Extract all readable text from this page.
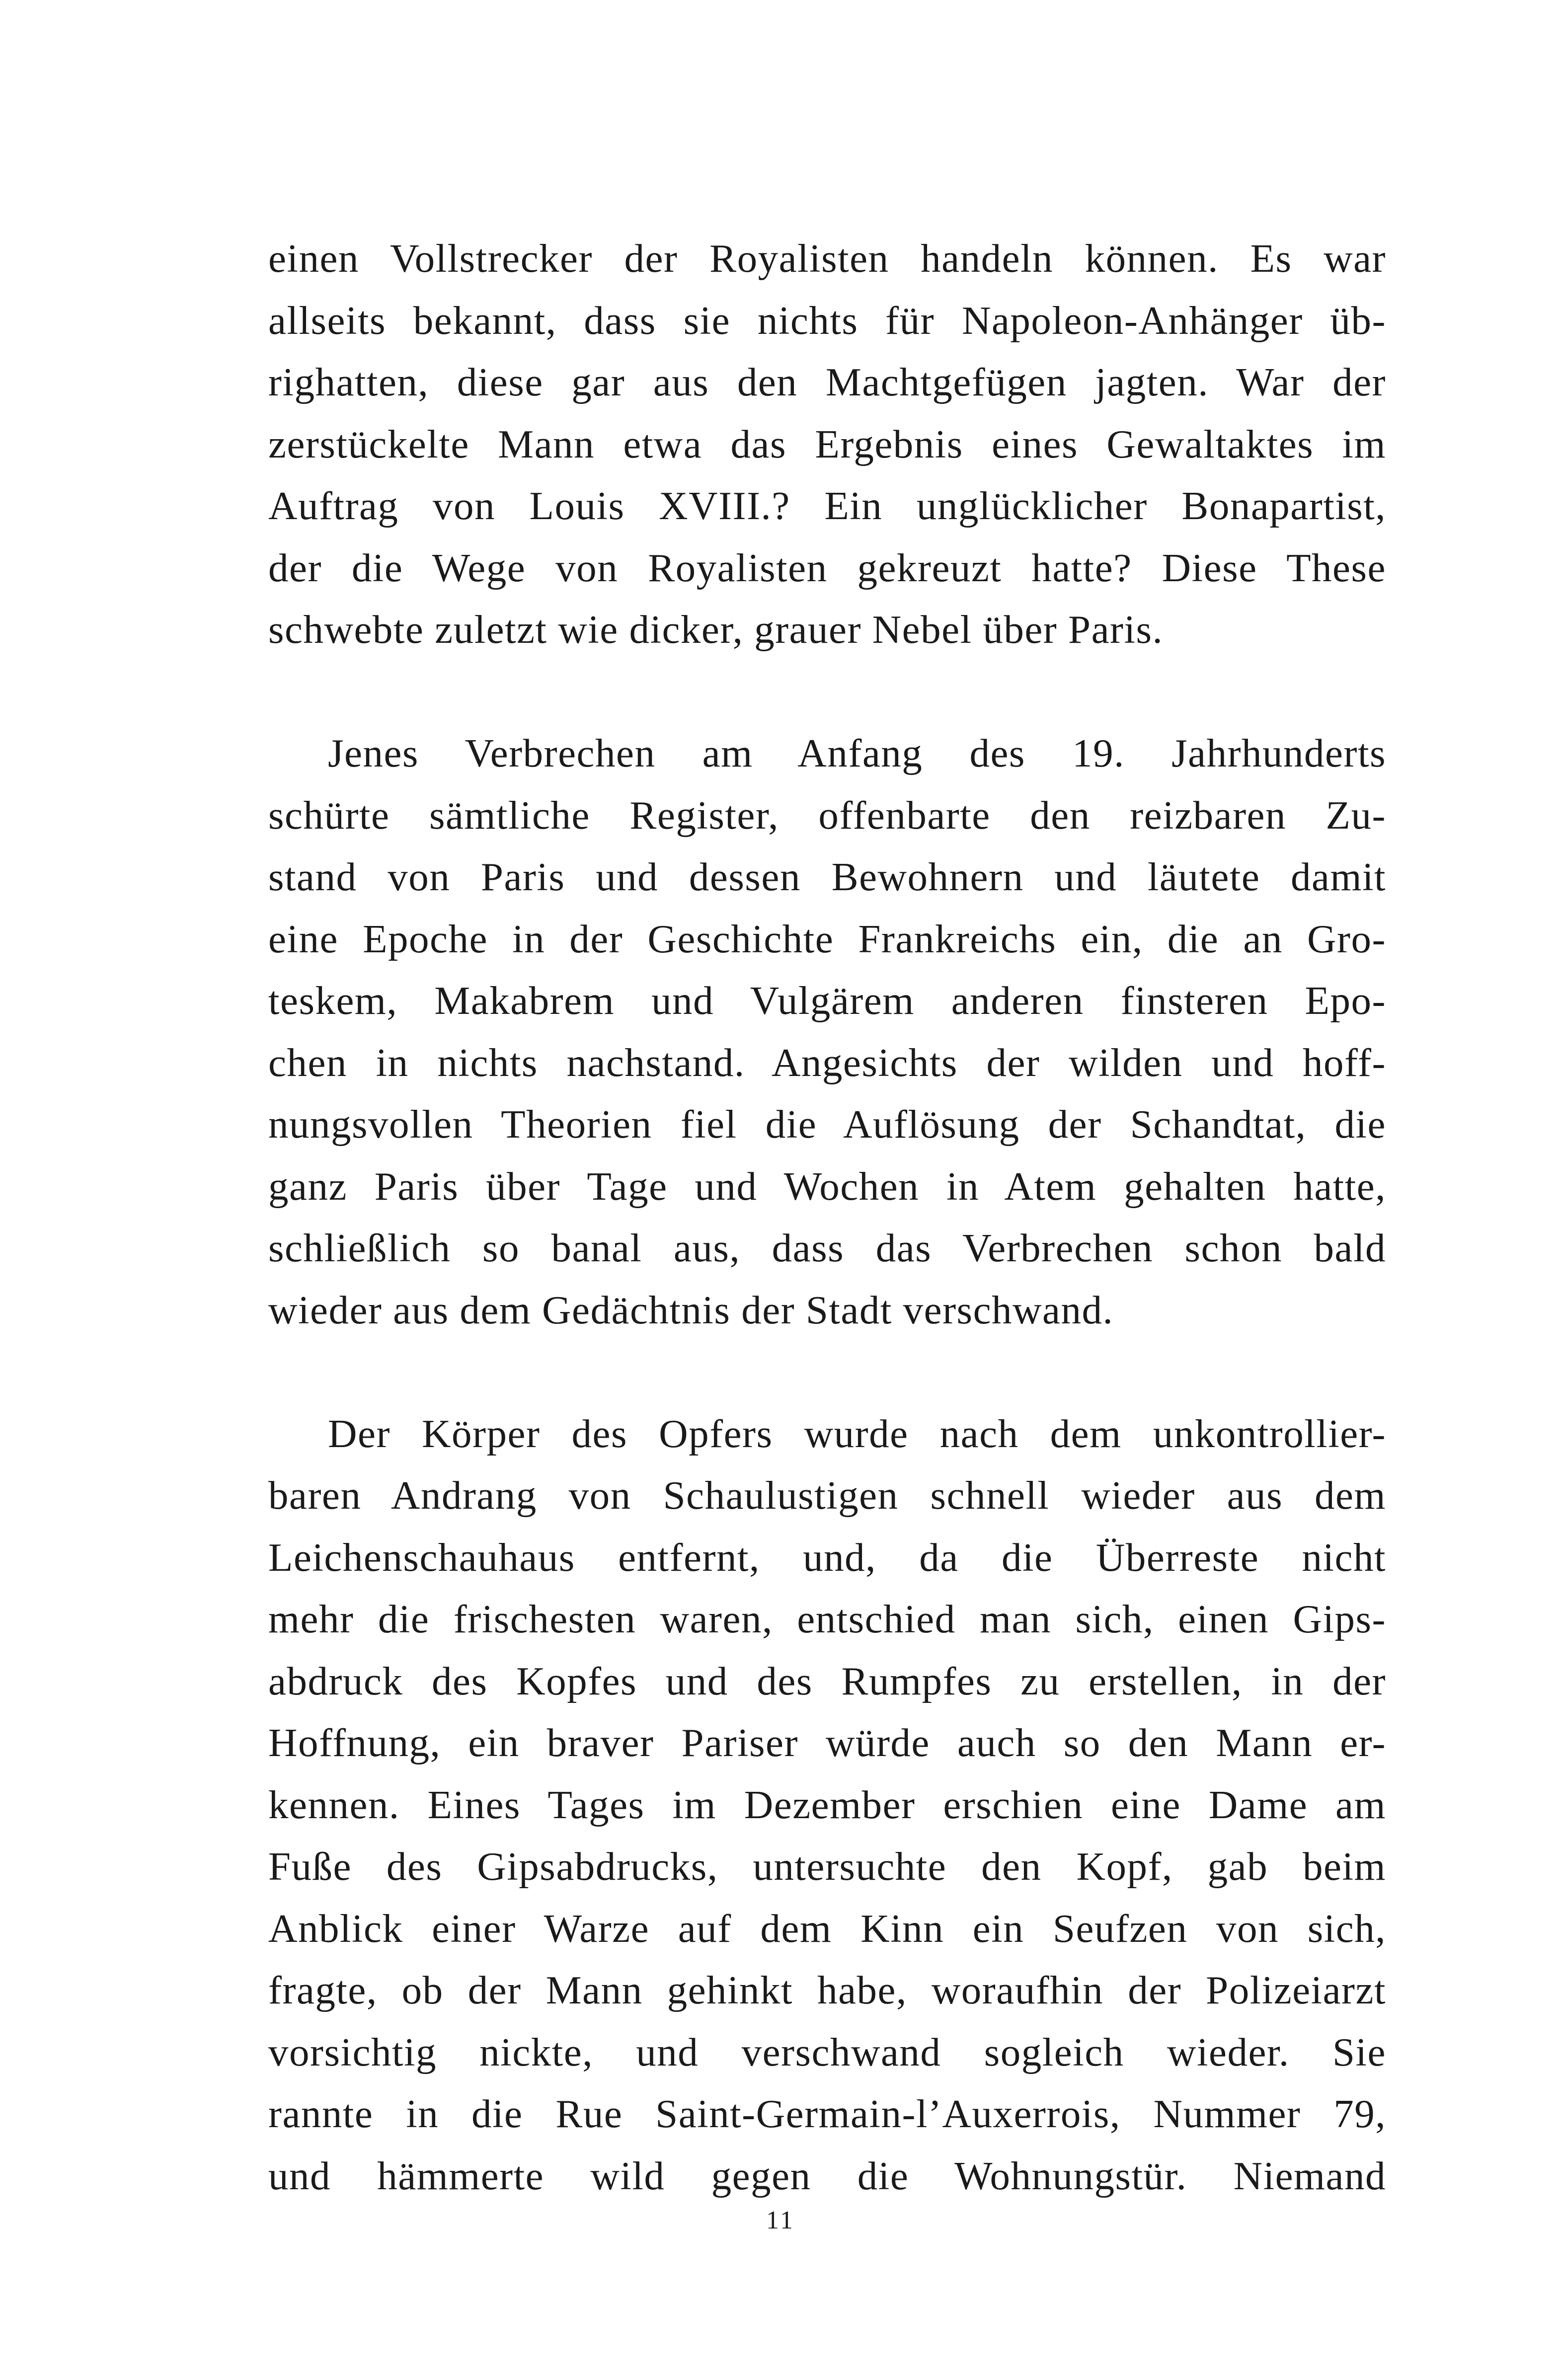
einen Vollstrecker der Royalisten handeln können. Es war
allseits bekannt, dass sie nichts für Napoleon-Anhänger üb-
righatten, diese gar aus den Machtgefügen jagten. War der
zerstückelte Mann etwa das Ergebnis eines Gewaltaktes im
Auftrag von Louis XVIII.? Ein unglücklicher Bonapartist,
der die Wege von Royalisten gekreuzt hatte? Diese These
schwebte zuletzt wie dicker, grauer Nebel über Paris.
Jenes Verbrechen am Anfang des 19. Jahrhunderts
schürte sämtliche Register, offenbarte den reizbaren Zu-
stand von Paris und dessen Bewohnern und läutete damit
eine Epoche in der Geschichte Frankreichs ein, die an Gro-
teskem, Makabrem und Vulgärem anderen finsteren Epo-
chen in nichts nachstand. Angesichts der wilden und hoff-
nungsvollen Theorien fiel die Auflösung der Schandtat, die
ganz Paris über Tage und Wochen in Atem gehalten hatte,
schließlich so banal aus, dass das Verbrechen schon bald
wieder aus dem Gedächtnis der Stadt verschwand.
Der Körper des Opfers wurde nach dem unkontrollier-
baren Andrang von Schaulustigen schnell wieder aus dem
Leichenschauhaus entfernt, und, da die Überreste nicht
mehr die frischesten waren, entschied man sich, einen Gips-
abdruck des Kopfes und des Rumpfes zu erstellen, in der
Hoffnung, ein braver Pariser würde auch so den Mann er-
kennen. Eines Tages im Dezember erschien eine Dame am
Fuße des Gipsabdrucks, untersuchte den Kopf, gab beim
Anblick einer Warze auf dem Kinn ein Seufzen von sich,
fragte, ob der Mann gehinkt habe, woraufhin der Polizeiarzt
vorsichtig nickte, und verschwand sogleich wieder. Sie
rannte in die Rue Saint-Germain-l’Auxerrois, Nummer 79,
und hämmerte wild gegen die Wohnungstür. Niemand
11
